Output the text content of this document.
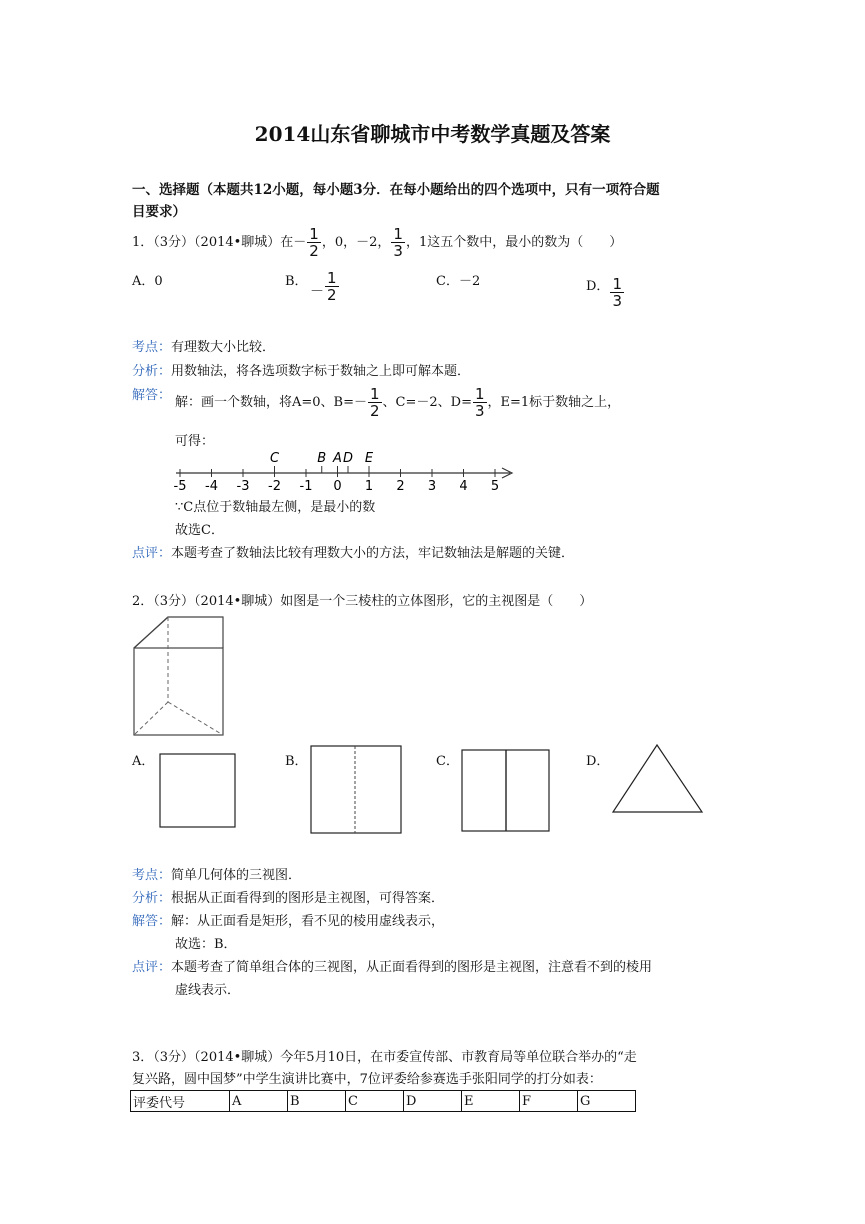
2014山东省聊城市中考数学真题及答案
一、选择题（本题共12小题，每小题3分．在每小题给出的四个选项中，只有一项符合题
目要求）
1．（3分）（2014•聊城）在－ $\frac{1}{2}$ ，0，－2， $\frac{1}{3}$ ，1这五个数中，最小的数为（　　）
A．0	B．
－ $\frac{1}{2}$	C．－2	D． $\frac{1}{3}$
考点：有理数大小比较．
分析：用数轴法，将各选项数字标于数轴之上即可解本题．
解答： 解：画一个数轴，将A=0、$B=- \frac{1}{2}$ 、C=－2、$D= \frac{1}{3}$ ，E=1标于数轴之上，
可得：
-5 -4 -3 -2 -1 0 1 2 3 4 5
C	B A D E
∵C点位于数轴最左侧，是最小的数
故选C．
点评：本题考查了数轴法比较有理数大小的方法，牢记数轴法是解题的关键．
2．（3分）（2014•聊城）如图是一个三棱柱的立体图形，它的主视图是（　　）
A．	B．	C．	D．
考点：简单几何体的三视图．
分析：根据从正面看得到的图形是主视图，可得答案．
解答：解：从正面看是矩形，看不见的棱用虚线表示，
故选：B．
点评：本题考查了简单组合体的三视图，从正面看得到的图形是主视图，注意看不到的棱用
虚线表示．
3．（3分）（2014•聊城）今年5月10日，在市委宣传部、市教育局等单位联合举办的“走
复兴路，圆中国梦”中学生演讲比赛中，7位评委给参赛选手张阳同学的打分如表：
评委代号	A	B	C	D	E	F	G
